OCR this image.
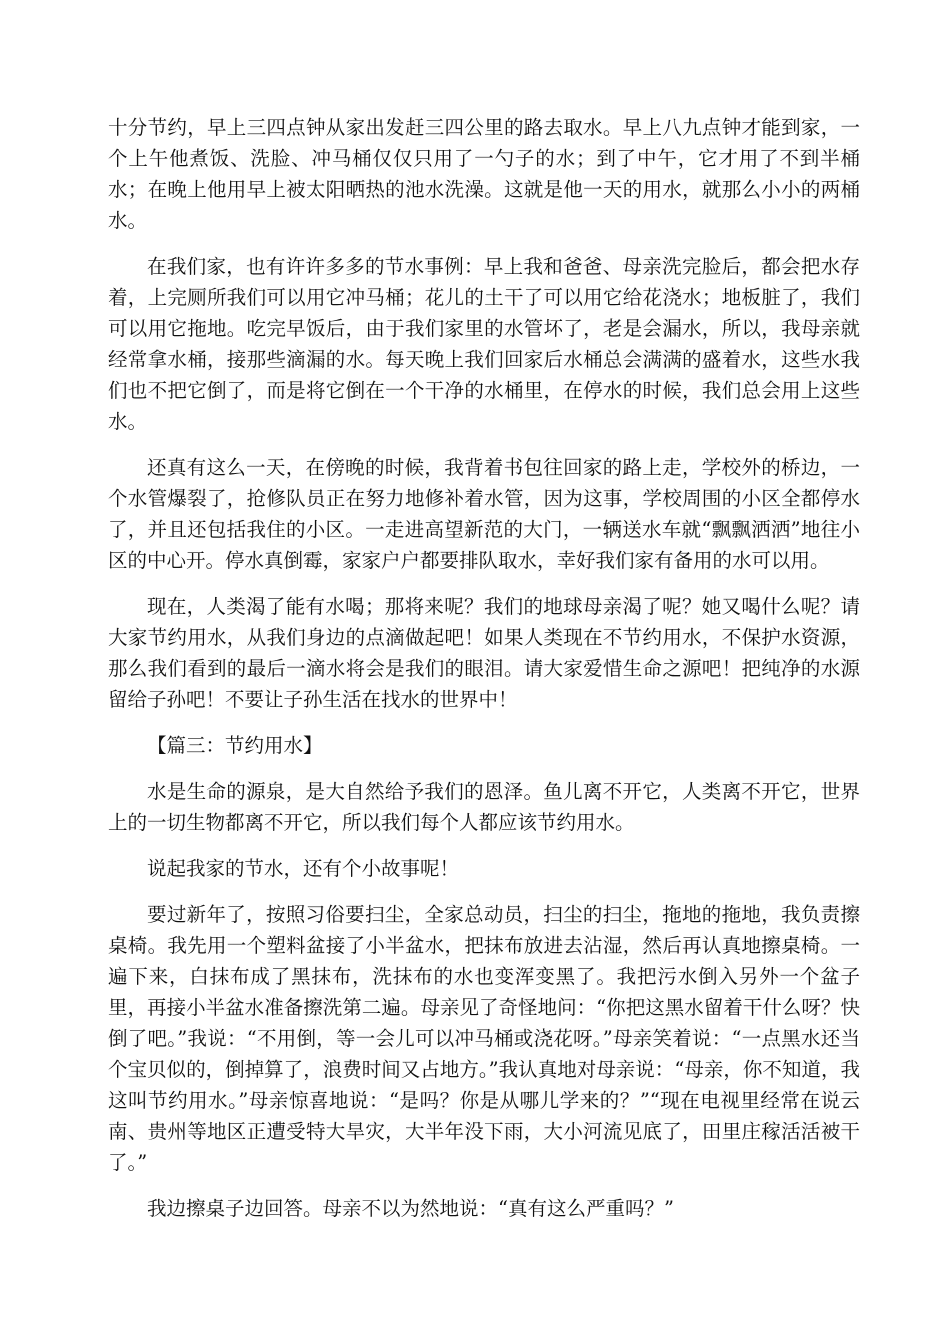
十分节约，早上三四点钟从家出发赶三四公里的路去取水。早上八九点钟才能到家，一个上午他煮饭、洗脸、冲马桶仅仅只用了一勺子的水；到了中午，它才用了不到半桶水；在晚上他用早上被太阳晒热的池水洗澡。这就是他一天的用水，就那么小小的两桶水。

在我们家，也有许许多多的节水事例：早上我和爸爸、母亲洗完脸后，都会把水存着，上完厕所我们可以用它冲马桶；花儿的土干了可以用它给花浇水；地板脏了，我们可以用它拖地。吃完早饭后，由于我们家里的水管坏了，老是会漏水，所以，我母亲就经常拿水桶，接那些滴漏的水。每天晚上我们回家后水桶总会满满的盛着水，这些水我们也不把它倒了，而是将它倒在一个干净的水桶里，在停水的时候，我们总会用上这些水。

还真有这么一天，在傍晚的时候，我背着书包往回家的路上走，学校外的桥边，一个水管爆裂了，抢修队员正在努力地修补着水管，因为这事，学校周围的小区全都停水了，并且还包括我住的小区。一走进高望新范的大门，一辆送水车就“飘飘洒洒”地往小区的中心开。停水真倒霉，家家户户都要排队取水，幸好我们家有备用的水可以用。

现在，人类渴了能有水喝；那将来呢？我们的地球母亲渴了呢？她又喝什么呢？请大家节约用水，从我们身边的点滴做起吧！如果人类现在不节约用水，不保护水资源，那么我们看到的最后一滴水将会是我们的眼泪。请大家爱惜生命之源吧！把纯净的水源留给子孙吧！不要让子孙生活在找水的世界中！

【篇三：节约用水】

水是生命的源泉，是大自然给予我们的恩泽。鱼儿离不开它，人类离不开它，世界上的一切生物都离不开它，所以我们每个人都应该节约用水。

说起我家的节水，还有个小故事呢！

要过新年了，按照习俗要扫尘，全家总动员，扫尘的扫尘，拖地的拖地，我负责擦桌椅。我先用一个塑料盆接了小半盆水，把抹布放进去沾湿，然后再认真地擦桌椅。一遍下来，白抹布成了黑抹布，洗抹布的水也变浑变黑了。我把污水倒入另外一个盆子里，再接小半盆水准备擦洗第二遍。母亲见了奇怪地问：“你把这黑水留着干什么呀？快倒了吧。”我说：“不用倒，等一会儿可以冲马桶或浇花呀。”母亲笑着说：“一点黑水还当个宝贝似的，倒掉算了，浪费时间又占地方。”我认真地对母亲说：“母亲，你不知道，我这叫节约用水。”母亲惊喜地说：“是吗？你是从哪儿学来的？”“现在电视里经常在说云南、贵州等地区正遭受特大旱灾，大半年没下雨，大小河流见底了，田里庄稼活活被干了。”

我边擦桌子边回答。母亲不以为然地说：“真有这么严重吗？”
